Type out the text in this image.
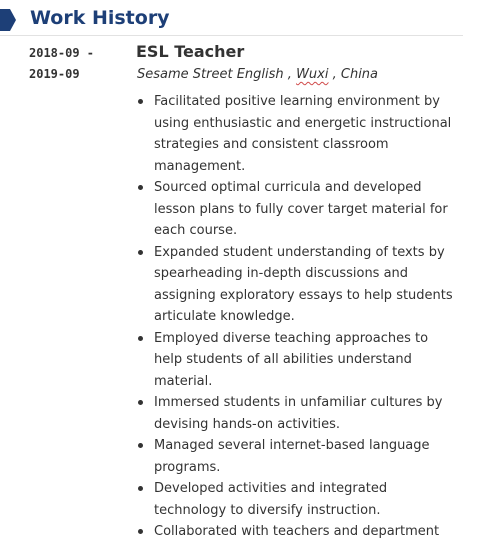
Work History
2018-09 -
2019-09
ESL Teacher
Sesame Street English , Wuxi , China
Facilitated positive learning environment by using enthusiastic and energetic instructional strategies and consistent classroom management.
Sourced optimal curricula and developed lesson plans to fully cover target material for each course.
Expanded student understanding of texts by spearheading in-depth discussions and assigning exploratory essays to help students articulate knowledge.
Employed diverse teaching approaches to help students of all abilities understand material.
Immersed students in unfamiliar cultures by devising hands-on activities.
Managed several internet-based language programs.
Developed activities and integrated technology to diversify instruction.
Collaborated with teachers and department
